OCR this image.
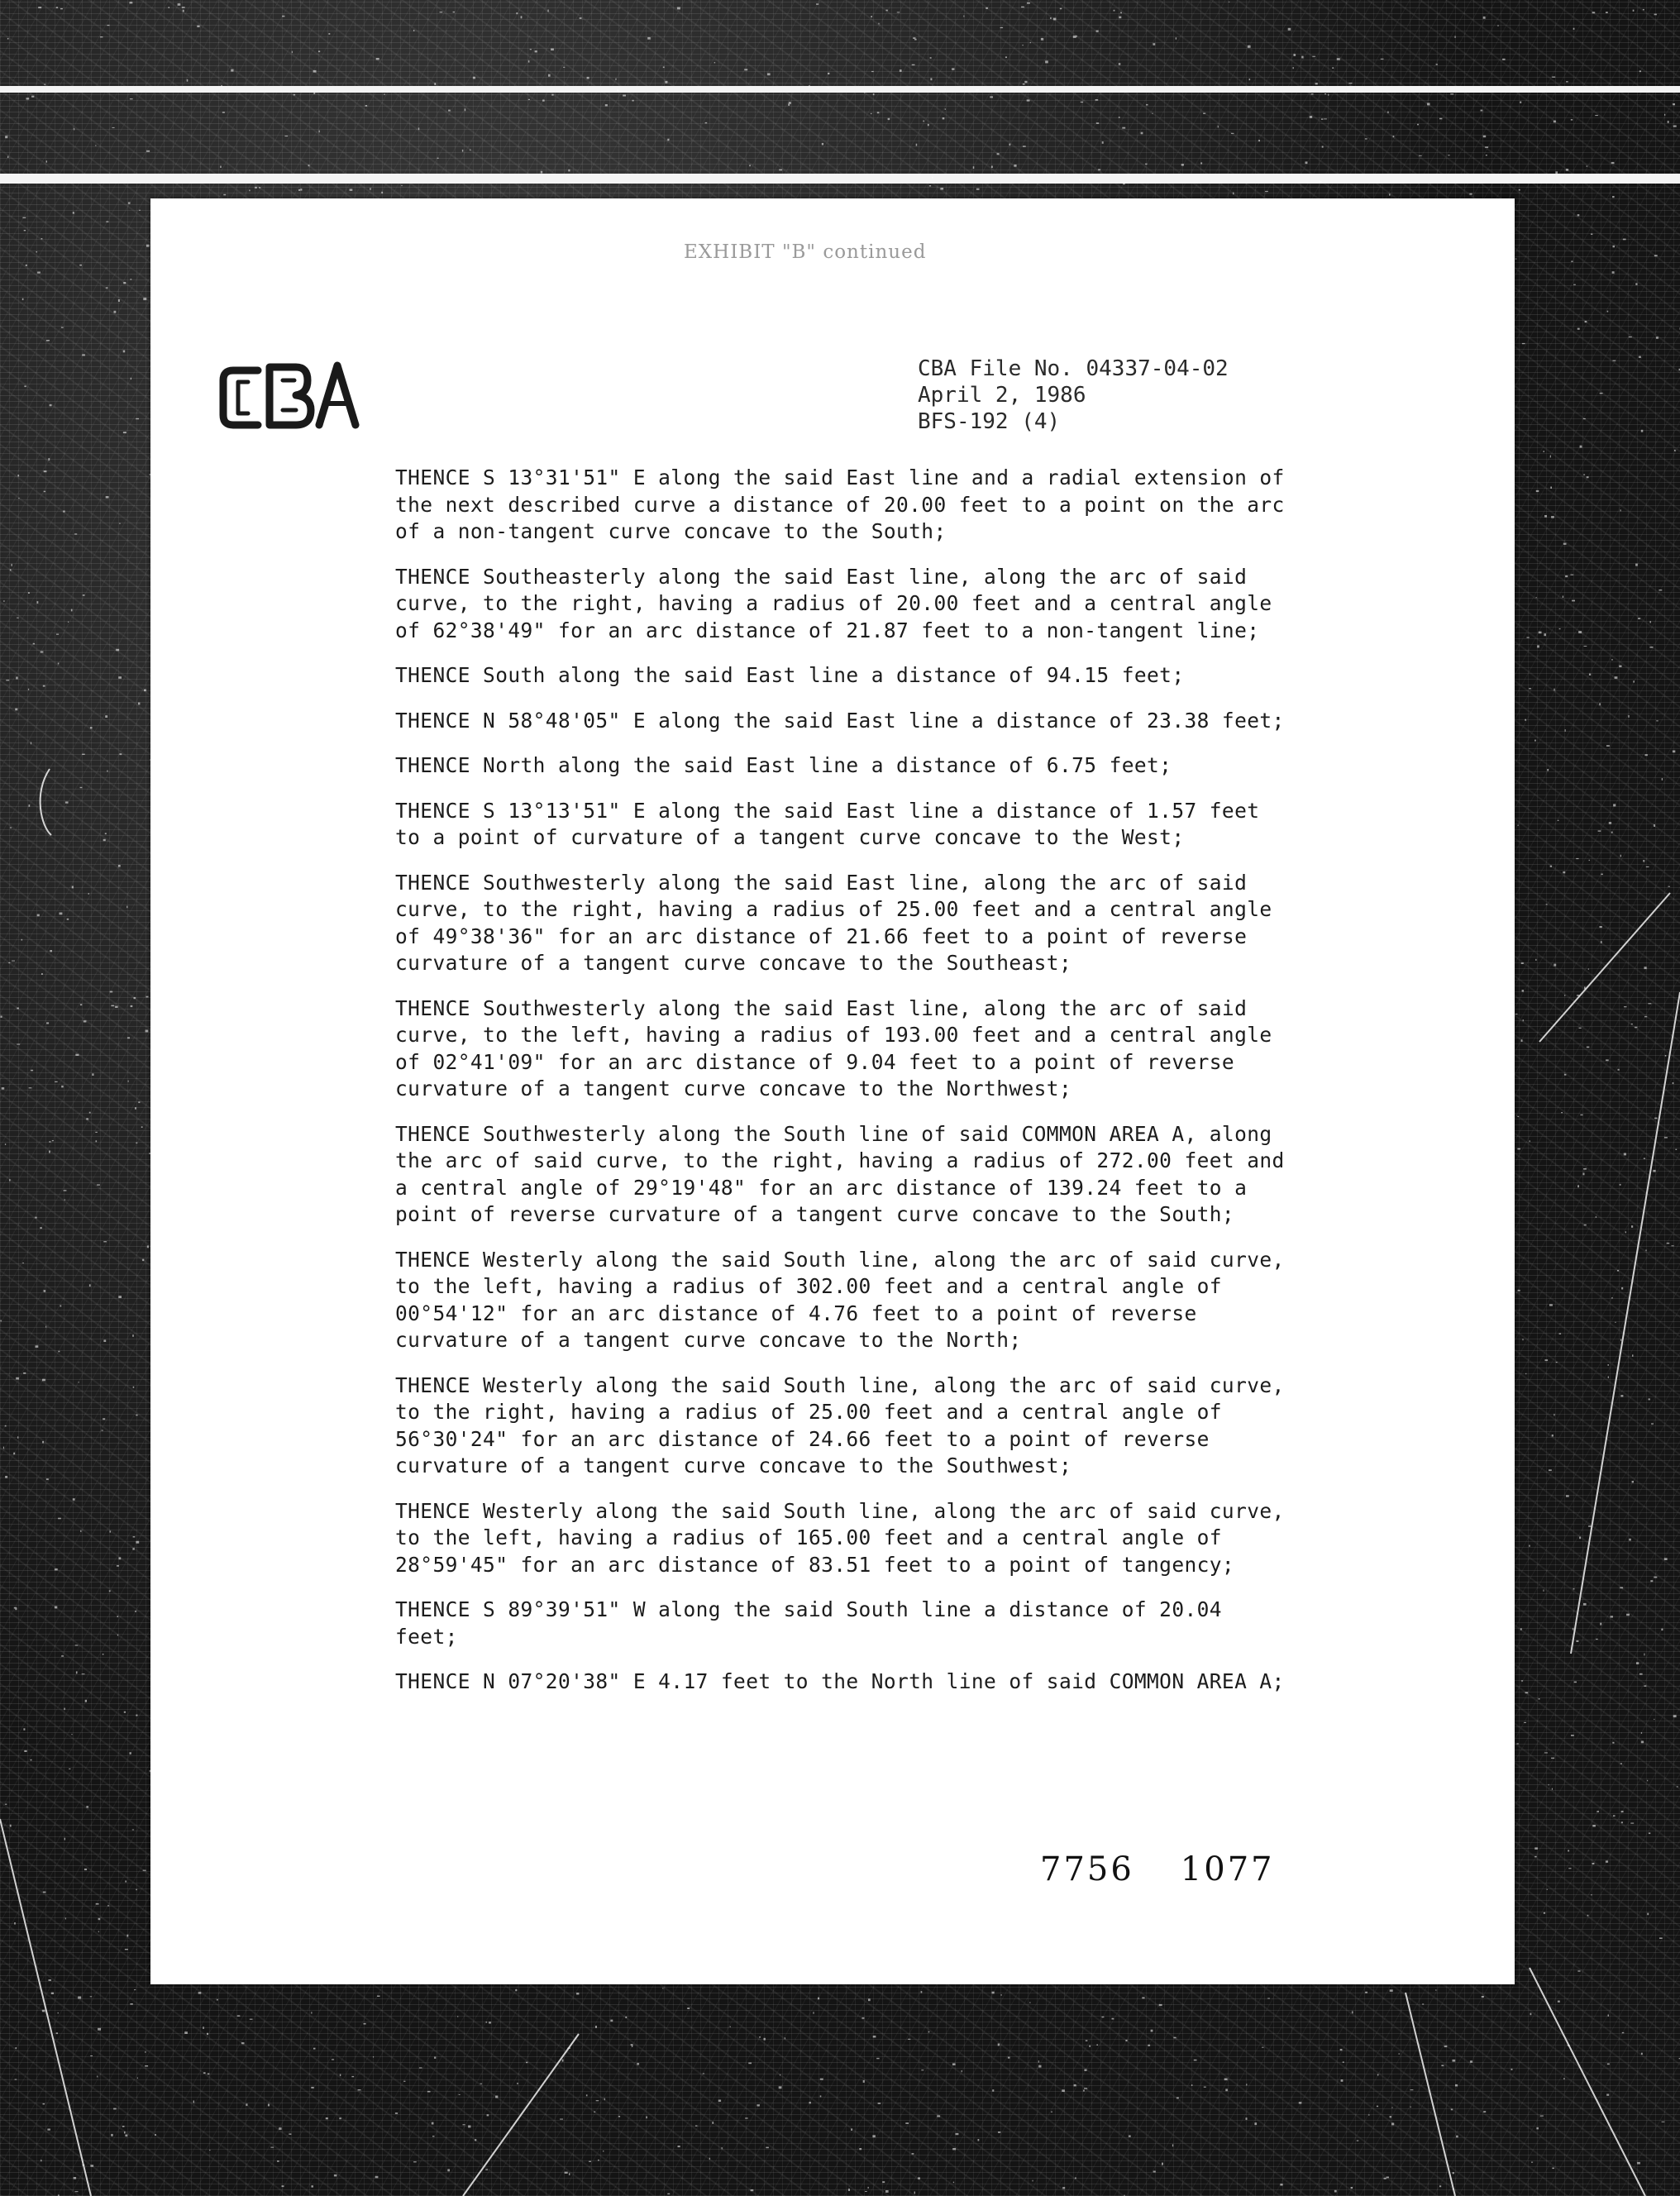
EXHIBIT "B" continued
CBA File No. 04337-04-02
April 2, 1986
BFS-192 (4)

THENCE S 13°31'51" E along the said East line and a radial extension of
the next described curve a distance of 20.00 feet to a point on the arc
of a non-tangent curve concave to the South;

THENCE Southeasterly along the said East line, along the arc of said
curve, to the right, having a radius of 20.00 feet and a central angle
of 62°38'49" for an arc distance of 21.87 feet to a non-tangent line;

THENCE South along the said East line a distance of 94.15 feet;

THENCE N 58°48'05" E along the said East line a distance of 23.38 feet;

THENCE North along the said East line a distance of 6.75 feet;

THENCE S 13°13'51" E along the said East line a distance of 1.57 feet
to a point of curvature of a tangent curve concave to the West;

THENCE Southwesterly along the said East line, along the arc of said
curve, to the right, having a radius of 25.00 feet and a central angle
of 49°38'36" for an arc distance of 21.66 feet to a point of reverse
curvature of a tangent curve concave to the Southeast;

THENCE Southwesterly along the said East line, along the arc of said
curve, to the left, having a radius of 193.00 feet and a central angle
of 02°41'09" for an arc distance of 9.04 feet to a point of reverse
curvature of a tangent curve concave to the Northwest;

THENCE Southwesterly along the South line of said COMMON AREA A, along
the arc of said curve, to the right, having a radius of 272.00 feet and
a central angle of 29°19'48" for an arc distance of 139.24 feet to a
point of reverse curvature of a tangent curve concave to the South;

THENCE Westerly along the said South line, along the arc of said curve,
to the left, having a radius of 302.00 feet and a central angle of
00°54'12" for an arc distance of 4.76 feet to a point of reverse
curvature of a tangent curve concave to the North;

THENCE Westerly along the said South line, along the arc of said curve,
to the right, having a radius of 25.00 feet and a central angle of
56°30'24" for an arc distance of 24.66 feet to a point of reverse
curvature of a tangent curve concave to the Southwest;

THENCE Westerly along the said South line, along the arc of said curve,
to the left, having a radius of 165.00 feet and a central angle of
28°59'45" for an arc distance of 83.51 feet to a point of tangency;

THENCE S 89°39'51" W along the said South line a distance of 20.04
feet;

THENCE N 07°20'38" E 4.17 feet to the North line of said COMMON AREA A;

7756 1077
